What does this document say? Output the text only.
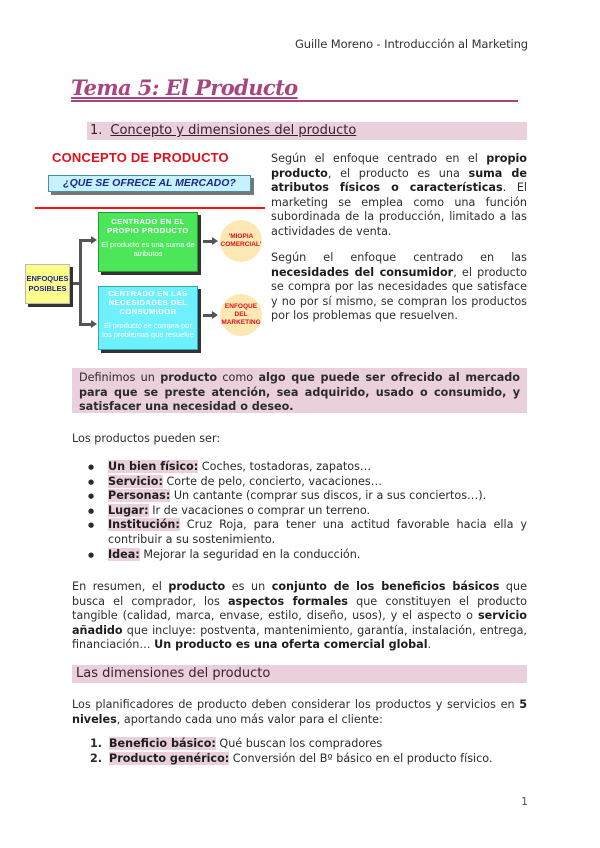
Guille Moreno - Introducción al Marketing
Tema 5: El Producto
1. Concepto y dimensiones del producto
CONCEPTO DE PRODUCTO
¿QUE SE OFRECE AL MERCADO?
ENFOQUES POSIBLES
CENTRADO EN EL PROPIO PRODUCTO
El producto es una suma de atributos
CENTRADO EN LAS NECESIDADES DEL CONSUMIDOR
El producto se compra por los problemas que resuelve
'MIOPIA COMERCIAL'
ENFOQUE DEL MARKETING

Según el enfoque centrado en el propio producto, el producto es una suma de atributos físicos o características. El marketing se emplea como una función subordinada de la producción, limitado a las actividades de venta.

Según el enfoque centrado en las necesidades del consumidor, el producto se compra por las necesidades que satisface y no por sí mismo, se compran los productos por los problemas que resuelven.

Definimos un producto como algo que puede ser ofrecido al mercado para que se preste atención, sea adquirido, usado o consumido, y satisfacer una necesidad o deseo.

Los productos pueden ser:

● Un bien físico: Coches, tostadoras, zapatos…
● Servicio: Corte de pelo, concierto, vacaciones…
● Personas: Un cantante (comprar sus discos, ir a sus conciertos…).
● Lugar: Ir de vacaciones o comprar un terreno.
● Institución: Cruz Roja, para tener una actitud favorable hacia ella y contribuir a su sostenimiento.
● Idea: Mejorar la seguridad en la conducción.

En resumen, el producto es un conjunto de los beneficios básicos que busca el comprador, los aspectos formales que constituyen el producto tangible (calidad, marca, envase, estilo, diseño, usos), y el aspecto o servicio añadido que incluye: postventa, mantenimiento, garantía, instalación, entrega, financiación… Un producto es una oferta comercial global.

Las dimensiones del producto

Los planificadores de producto deben considerar los productos y servicios en 5 niveles, aportando cada uno más valor para el cliente:

1. Beneficio básico: Qué buscan los compradores
2. Producto genérico: Conversión del Bº básico en el producto físico.
1
